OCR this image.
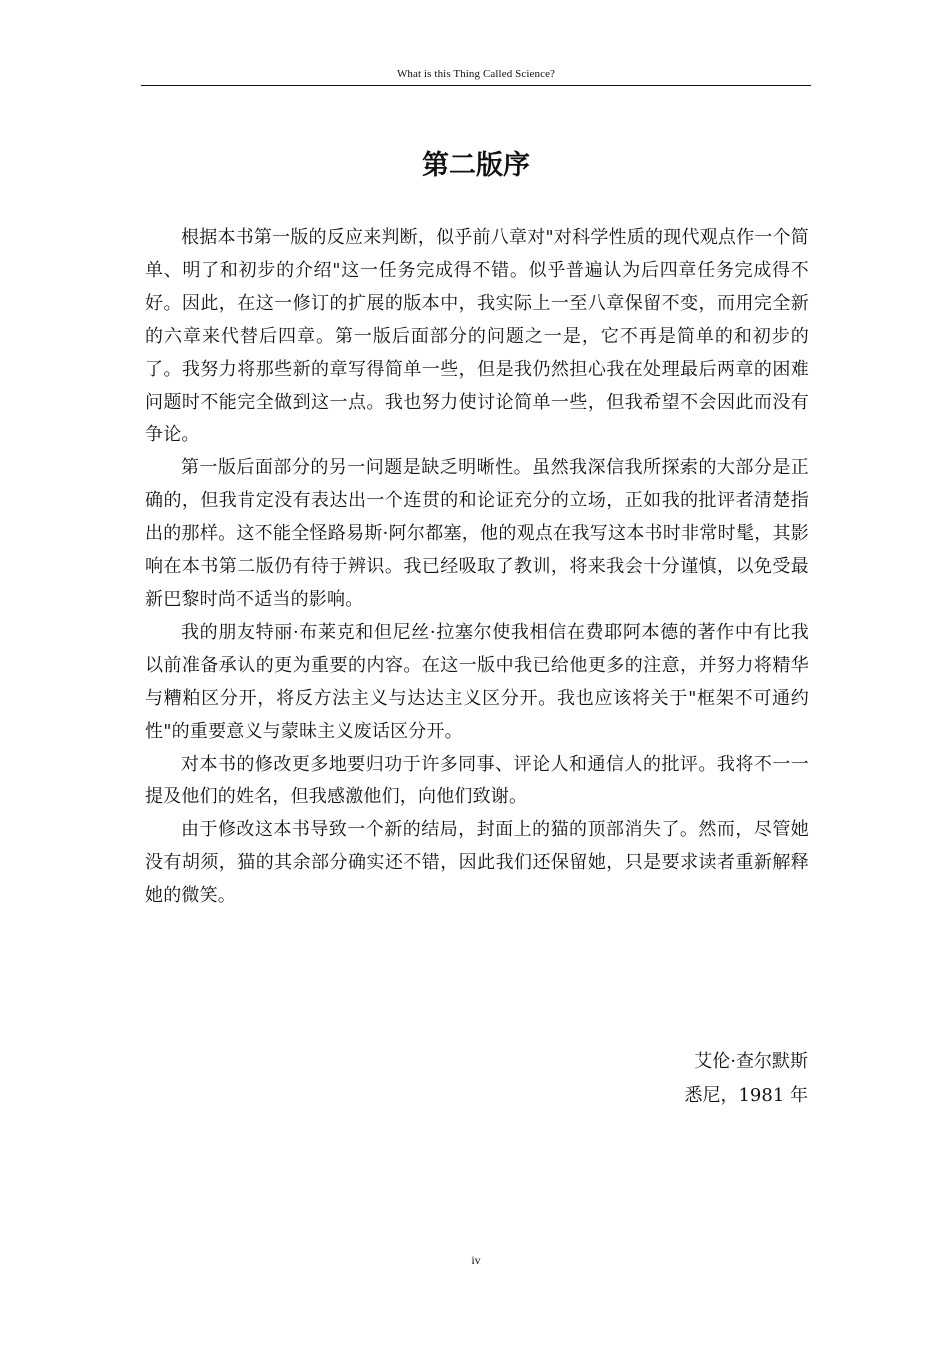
What is this Thing Called Science?
第二版序

根据本书第一版的反应来判断，似乎前八章对"对科学性质的现代观点作一个简单、明了和初步的介绍"这一任务完成得不错。似乎普遍认为后四章任务完成得不好。因此，在这一修订的扩展的版本中，我实际上一至八章保留不变，而用完全新的六章来代替后四章。第一版后面部分的问题之一是，它不再是简单的和初步的了。我努力将那些新的章写得简单一些，但是我仍然担心我在处理最后两章的困难问题时不能完全做到这一点。我也努力使讨论简单一些，但我希望不会因此而没有争论。

第一版后面部分的另一问题是缺乏明晰性。虽然我深信我所探索的大部分是正确的，但我肯定没有表达出一个连贯的和论证充分的立场，正如我的批评者清楚指出的那样。这不能全怪路易斯·阿尔都塞，他的观点在我写这本书时非常时髦，其影响在本书第二版仍有待于辨识。我已经吸取了教训，将来我会十分谨慎，以免受最新巴黎时尚不适当的影响。

我的朋友特丽·布莱克和但尼丝·拉塞尔使我相信在费耶阿本德的著作中有比我以前准备承认的更为重要的内容。在这一版中我已给他更多的注意，并努力将精华与糟粕区分开，将反方法主义与达达主义区分开。我也应该将关于"框架不可通约性"的重要意义与蒙昧主义废话区分开。

对本书的修改更多地要归功于许多同事、评论人和通信人的批评。我将不一一提及他们的姓名，但我感激他们，向他们致谢。

由于修改这本书导致一个新的结局，封面上的猫的顶部消失了。然而，尽管她没有胡须，猫的其余部分确实还不错，因此我们还保留她，只是要求读者重新解释她的微笑。

艾伦·查尔默斯
悉尼，1981 年
iv
